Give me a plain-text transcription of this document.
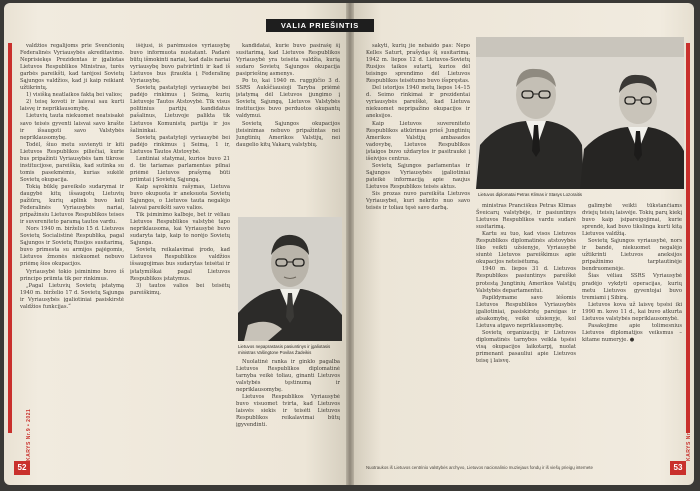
KARYS Nr.9 • 2021
52

valdžios regalijoms prie Švenčionių Federalinės Vyriausybės akreditavimo. Neprisiekęs Prezidentas ir įgaliotas Lietuvos Respublikos Ministras, turės garbės pareikšti, kad tarėjosi Sovietų Sąjungos valdžios, kad ji kaip reikiant užtikrintų.

1) visišką neatlaikos faktą bei valios;

2) teisę kovoti ir laisvai sau kurti laisvę ir nepriklausomybę.

Lietuvių tauta niekuomet neatsisakė savo teisės gyventi laisvai savo krašte ir išsaugoti savo Valstybės nepriklausomybę.

Todėl, šiuo metu suvienyti ir kiti Lietuvos Respublikos piliečiai, kurie bus pripažinti Vyriausybės tam tikrose institucijose, pareiškia, kad sutinka su tomis pasekmėmis, kurias sukėlė Sovietų okupacija.

Tokią būklę paveikslo sudarymai ir daugybė kitų išsaugotų Lietuvių pažiūrų, kurių aplink buvo keli Federalinės Vyriausybės nariai, pripažinsiu Lietuvos Respublikos teises ir suvereniteto paramą tautos vardu.

Nors 1940 m. birželio 15 d. Lietuvos Sovietų Socialistinė Respublika, pagal Sąjungos ir Sovietų Rusijos susitarimą, buvo primesta su armijos pajėgomis, Lietuvos žmonės niekuomet nebuvo priėmę šios okupacijos.

Vyriausybė tokio įsiminimo buvo iš principo priimta tik per rinkimus.

„Pagal Lietuvių Sovietų įstatymą 1940 m. birželio 17 d. Sovietų Sąjunga ir Vyriausybės įgaliotiniai pasiskirstė valdžios funkcijas.“

išėjusi, iš parėmusios vyriausybę buvo informuota nustatant. Padarė būtų išmokinti nariai, kad dalis nariai vyriausybę buvo patvirtinti ir kad iš Lietuvos bus įtraukta į Federalinę Vyriausybę.

Sovietų pastatytoji vyriausybė bei padėjo rinkimus į Seimą, kurių Lietuvoje Tautos Atstovybė. Tik visus politinius partijų kandidatus pašalinus, Lietuvoje palikta tik Lietuvos Komunistų partija ir jos šalininkai.

Sovietų pastatytoji vyriausybė bei padėjo rinkimus į Seimą, 1 ir, Lietuvos Tautos Atstovybė.

Lentiniai statymai, kurios buvo 21 d. tie tariamas parlamentas pilnai priėmė Lietuvos prašymą būti priimtai į Sovietų Sąjungą.

Kaip sąvokiniu rašymas, Lietuva buvo okupuota ir aneksuota Sovietų Sąjungos, o Lietuvos tauta negalėjo laisvai pareikšti savo valios.

Tik įsiminimo kalboje, bet ir vėliau Lietuvos Respublikos valstybė tapo nepriklausoma, kai Vyriausybė buvo sudaryta taip, kaip to norėjo Sovietų Sąjunga.

Sovietų reikalavimai įrodo, kad Lietuvos Respublikos valdžios išsaugojimas bus sudarytas teisėtai ir įstatymiškai pagal Lietuvos Respublikos įstatymus.

3) tautos valios bei teisėtų pareiškimų.

kandidatai, kurie buvo pasirašę šį susitarimą, kad Lietuvos Respublikos Vyriausybė yra teisėta valdžia, kurią sudaro Sovietų Sąjungos okupacija pasipriešinę asmenys.

Po to, kai 1940 m. rugpjūčio 3 d. SSRS Aukščiausioji Taryba priėmė įstatymą dėl Lietuvos įjungimo į Sovietų Sąjungą, Lietuvos Valstybės institucijos buvo perduotos okupantų valdymui.

Sovietų Sąjungos okupacijos įteisinimas nebuvo pripažintas nei Jungtinių Amerikos Valstijų, nei daugelio kitų Vakarų valstybių.

Lietuvos nepaprastasis pasiuntinys ir įgaliotasis ministras Vašingtone Povilas Žadeikis

Nuolatinė ranka ir ginklo pagalba Lietuvos Respublikos diplomatinė tarnyba veikė toliau, ginanti Lietuvos valstybės tęstinumą ir nepriklausomybę.

Lietuvos Respublikos Vyriausybė buvo visuomet tvirta, kad Lietuvos laisvės siekis ir teisėti Lietuvos Respublikos reikalavimai būtų įgyvendinti.

53

sakyti, kurių jie nebaido pas: Nepo Kelles Saturt, prašydąs šį susitarimą. 1942 m. liepos 12 d. Lietuvos-Sovietų Rusijos taikos sutartį, kurios dėl teisingo sprendimo dėl Lietuvos Respublikos teisėtumo buvo išspręstas.

Del istorijos 1940 metų liepos 14–15 d. Seimo rinkimai ir prezidentai vyriausybės pareiškė, kad Lietuva niekuomet nepripažino okupacijos ir aneksijos.

Kaip Lietuvos suvereniteto Respublikos atkūrimas prieš Jungtinių Amerikos Valstijų ambasados vadovybę, Lietuvos Respublikos įstaigos buvo uždarytos ir pasitraukė į išeivijos centrus.

Sovietų Sąjungos parlamentas ir Sąjungos Vyriausybės įgaliotiniai pateikė informaciją apie naujus Lietuvos Respublikos teisės aktus.

Sis prozas nuvo pareikšta Lietuvos Vyriausybei, kuri nekrito nuo savo teisės ir toliau tęsė savo darbą.

Lietuvos diplomatai Petras Klimas ir Stasys Lozoraitis

ministras Pranciškus Petras Klimas Šveicarų valstybėje, ir pasiuntinys Lietuvos Respublikos vardu sudarė susitarimą.

Kartu su tuo, kad visos Lietuvos Respublikos diplomatinės atstovybės liko veikti užsienyje, Vyriausybė siuntė Lietuvos pareiškimus apie okupacijos neteisėtumą.

1940 m. liepos 31 d. Lietuvos Respublikos pasiuntinys pareiškė protestą Jungtinių Amerikos Valstijų Valstybės departamentui.

Papildymame savo lėšomis Lietuvos Respublikos Vyriausybės įgaliotiniai, pasiskirstę pareigas ir atsakomybę, veikė užsienyje, kol Lietuva atgavo nepriklausomybę.

Sovietų organizacijų ir Lietuvos diplomatinės tarnybos veikla tęsėsi visą okupacijos laikotarpį, nuolat primenant pasauliui apie Lietuvos teisę į laisvę.

galimybė veikti tūkstančiams dviejų teisių laisvėje. Tokių parų kiekį buvo kaip įsipareigojimai, kurie sprendė, kad buvo tikslinga kurti kitą Lietuvos valdžią.

Sovietų Sąjungos vyriausybė, nors ir bandė, niekuomet negalėjo užtikrinti Lietuvos aneksijos pripažinimo tarptautinėje bendruomenėje.

Šias vėliau SSRS Vyriausybė pradėjo vykdyti operacijas, kurių metu Lietuvos gyventojai buvo tremiami į Sibirą.

Lietuvos kova už laisvę tęsėsi iki 1990 m. kovo 11 d., kai buvo atkurta Lietuvos valstybės nepriklausomybė.

Pasakojime apie tolimesnius Lietuvos diplomatijos veiksmus – kitame numeryje. ●

Nuotraukos iš Lietuvos centrinio valstybės archyvo, Lietuvos nacionalinio muziejaus fondų ir iš viešų prieigų internete
KARYS Nr.9 • 2021
VALIA PRIEŠINTIS
